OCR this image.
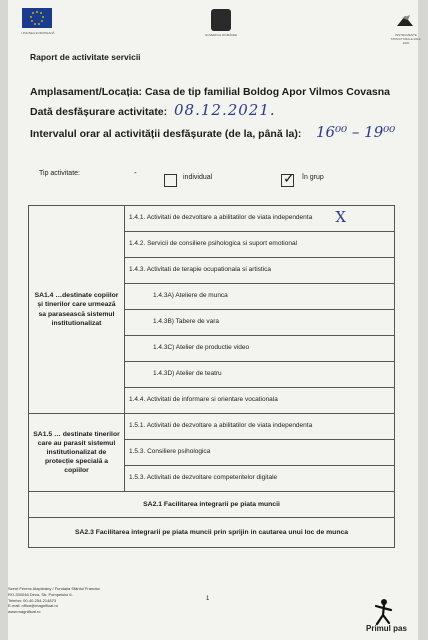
UNIUNEA EUROPEANĂ	GUVERNUL ROMÂNIEI	INSTRUMENTE STRUCTURALE 2014-2020
Raport de activitate servicii
Amplasament/Locația: Casa de tip familial Boldog Apor Vilmos Covasna
Dată desfășurare activitate: 08.12.2021.
Intervalul orar al activității desfășurate (de la, până la): 16⁰⁰ – 19⁰⁰
Tip activitate:	-
individual	✓ în grup
SA1.4 …destinate copiilor și tinerilor care urmează sa parasească sistemul institutionalizat	1.4.1. Activitati de dezvoltare a abilitatilor de viata independenta X

	1.4.2. Servicii de consiliere psihologica si suport emotional
	1.4.3. Activitati de terapie ocupationala si artistica
	1.4.3A) Ateliere de munca
	1.4.3B) Tabere de vara
	1.4.3C) Atelier de productie video
	1.4.3D) Atelier de teatru
	1.4.4. Activitati de informare si orientare vocationala
SA1.5 … destinate tinerilor care au parasit sistemul institutionalizat de protecție specială a copiilor	1.5.1. Activitati de dezvoltare a abilitatilor de viata independenta
	1.5.3. Consiliere psihologica
	1.5.3. Activitati de dezvoltare competentelor digitale
SA2.1 Facilitarea integrarii pe piata muncii	
SA2.3 Facilitarea integrarii pe piata muncii prin sprijin in cautarea unui loc de munca	
Szent Ferenc Alapítvány / Fundația Sfântul Francisc
RO-330046 Deva, Str. Pompeiului 6.
Telefon: 00-40-254-214873
E-mail: office@magnificat.ro
www.magnificat.ro
1
Primul pas
